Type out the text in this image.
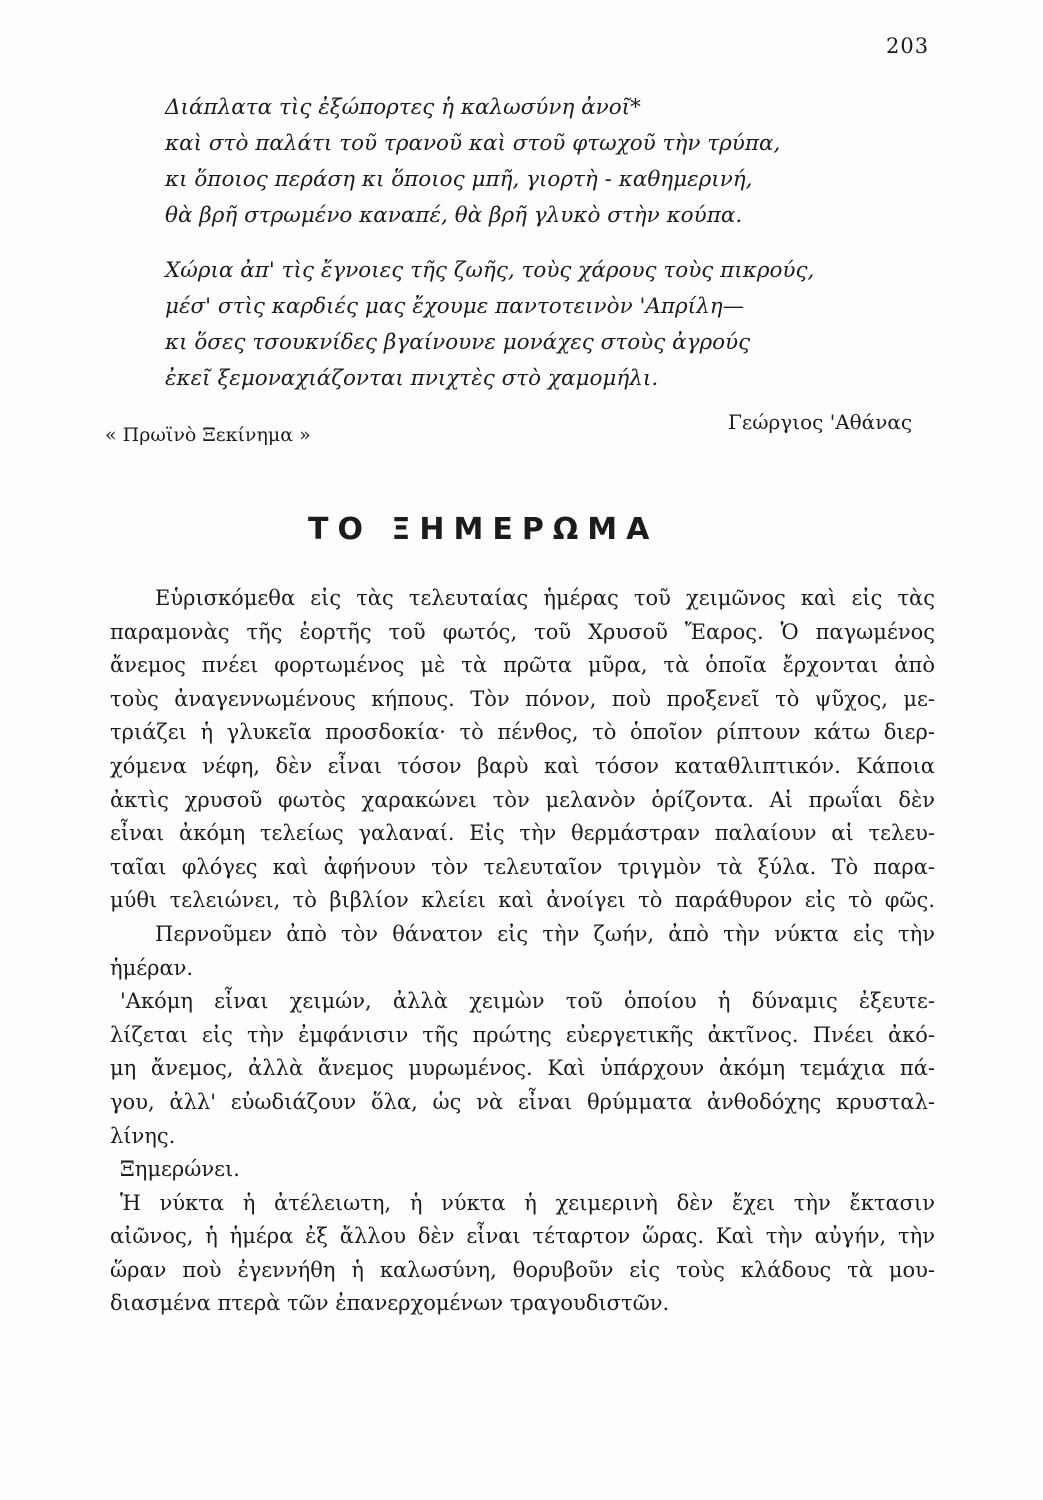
203
Διάπλατα τὶς ἐξώπορτες ἡ καλωσύνη ἀνοῖ*
καὶ στὸ παλάτι τοῦ τρανοῦ καὶ στοῦ φτωχοῦ τὴν τρύπα,
κι ὅποιος περάση κι ὅποιος μπῆ, γιορτὴ - καθημερινή,
θὰ βρῆ στρωμένο καναπέ, θὰ βρῆ γλυκὸ στὴν κούπα.
Χώρια ἀπ' τὶς ἔγνοιες τῆς ζωῆς, τοὺς χάρους τοὺς πικρούς,
μέσ' στὶς καρδιές μας ἔχουμε παντοτεινὸν 'Απρίλη—
κι ὅσες τσουκνίδες βγαίνουνε μονάχες στοὺς ἀγρούς
ἐκεῖ ξεμοναχιάζονται πνιχτὲς στὸ χαμομήλι.
« Πρωϊνὸ Ξεκίνημα »
Γεώργιος 'Αθάνας
ΤΟ ΞΗΜΕΡΩΜΑ
Εὑρισκόμεθα εἰς τὰς τελευταίας ἡμέρας τοῦ χειμῶνος καὶ εἰς τὰς
παραμονὰς τῆς ἑορτῆς τοῦ φωτός, τοῦ Χρυσοῦ Ἔαρος. Ὁ παγωμένος
ἄνεμος πνέει φορτωμένος μὲ τὰ πρῶτα μῦρα, τὰ ὁποῖα ἔρχονται ἀπὸ
τοὺς ἀναγεννωμένους κήπους. Τὸν πόνον, ποὺ προξενεῖ τὸ ψῦχος, με-
τριάζει ἡ γλυκεῖα προσδοκία· τὸ πένθος, τὸ ὁποῖον ρίπτουν κάτω διερ-
χόμενα νέφη, δὲν εἶναι τόσον βαρὺ καὶ τόσον καταθλιπτικόν. Κάποια
ἀκτὶς χρυσοῦ φωτὸς χαρακώνει τὸν μελανὸν ὁρίζοντα. Αἱ πρωΐαι δὲν
εἶναι ἀκόμη τελείως γαλαναί. Εἰς τὴν θερμάστραν παλαίουν αἱ τελευ-
ταῖαι φλόγες καὶ ἀφήνουν τὸν τελευταῖον τριγμὸν τὰ ξύλα. Τὸ παρα-
μύθι τελειώνει, τὸ βιβλίον κλείει καὶ ἀνοίγει τὸ παράθυρον εἰς τὸ φῶς.
Περνοῦμεν ἀπὸ τὸν θάνατον εἰς τὴν ζωήν, ἀπὸ τὴν νύκτα εἰς τὴν
ἡμέραν.
'Ακόμη εἶναι χειμών, ἀλλὰ χειμὼν τοῦ ὁποίου ἡ δύναμις ἐξευτε-
λίζεται εἰς τὴν ἐμφάνισιν τῆς πρώτης εὐεργετικῆς ἀκτῖνος. Πνέει ἀκό-
μη ἄνεμος, ἀλλὰ ἄνεμος μυρωμένος. Καὶ ὑπάρχουν ἀκόμη τεμάχια πά-
γου, ἀλλ' εὐωδιάζουν ὅλα, ὡς νὰ εἶναι θρύμματα ἀνθοδόχης κρυσταλ-
λίνης.
Ξημερώνει.
Ἡ νύκτα ἡ ἀτέλειωτη, ἡ νύκτα ἡ χειμερινὴ δὲν ἔχει τὴν ἔκτασιν
αἰῶνος, ἡ ἡμέρα ἐξ ἄλλου δὲν εἶναι τέταρτον ὥρας. Καὶ τὴν αὐγήν, τὴν
ὥραν ποὺ ἐγεννήθη ἡ καλωσύνη, θορυβοῦν εἰς τοὺς κλάδους τὰ μου-
διασμένα πτερὰ τῶν ἐπανερχομένων τραγουδιστῶν.
